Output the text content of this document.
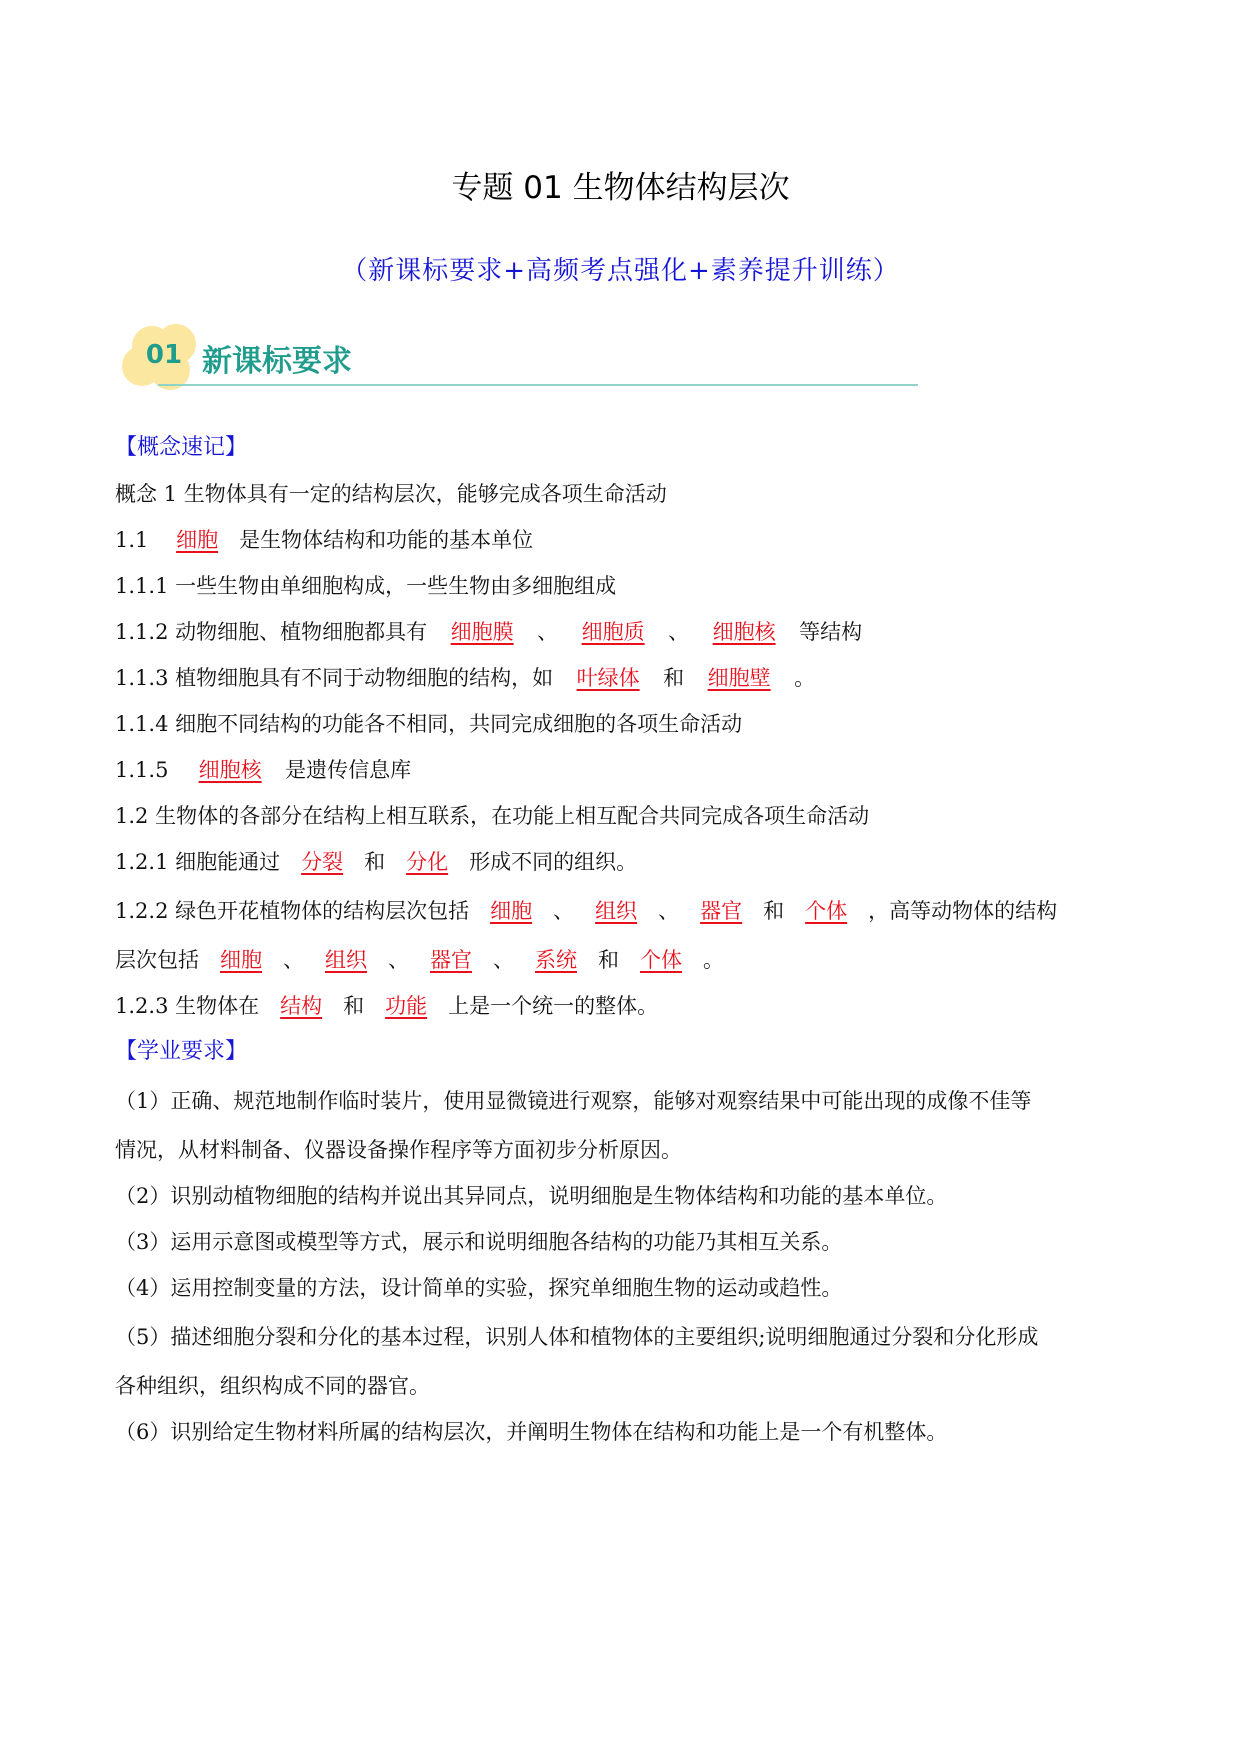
专题 01 生物体结构层次
（新课标要求+高频考点强化+素养提升训练）
01 新课标要求
【概念速记】
概念 1 生物体具有一定的结构层次，能够完成各项生命活动
1.1 细胞 是生物体结构和功能的基本单位
1.1.1 一些生物由单细胞构成，一些生物由多细胞组成
1.1.2 动物细胞、植物细胞都具有 细胞膜 、 细胞质 、 细胞核 等结构
1.1.3 植物细胞具有不同于动物细胞的结构，如 叶绿体 和 细胞壁 。
1.1.4 细胞不同结构的功能各不相同，共同完成细胞的各项生命活动
1.1.5 细胞核 是遗传信息库
1.2 生物体的各部分在结构上相互联系，在功能上相互配合共同完成各项生命活动
1.2.1 细胞能通过 分裂 和 分化 形成不同的组织。
1.2.2 绿色开花植物体的结构层次包括 细胞 、 组织 、 器官 和 个体 ，高等动物体的结构
层次包括 细胞 、 组织 、 器官 、 系统 和 个体 。
1.2.3 生物体在 结构 和 功能 上是一个统一的整体。
【学业要求】
（1）正确、规范地制作临时装片，使用显微镜进行观察，能够对观察结果中可能出现的成像不佳等
情况，从材料制备、仪器设备操作程序等方面初步分析原因。
（2）识别动植物细胞的结构并说出其异同点，说明细胞是生物体结构和功能的基本单位。
（3）运用示意图或模型等方式，展示和说明细胞各结构的功能乃其相互关系。
（4）运用控制变量的方法，设计简单的实验，探究单细胞生物的运动或趋性。
（5）描述细胞分裂和分化的基本过程，识别人体和植物体的主要组织;说明细胞通过分裂和分化形成
各种组织，组织构成不同的器官。
（6）识别给定生物材料所属的结构层次，并阐明生物体在结构和功能上是一个有机整体。
